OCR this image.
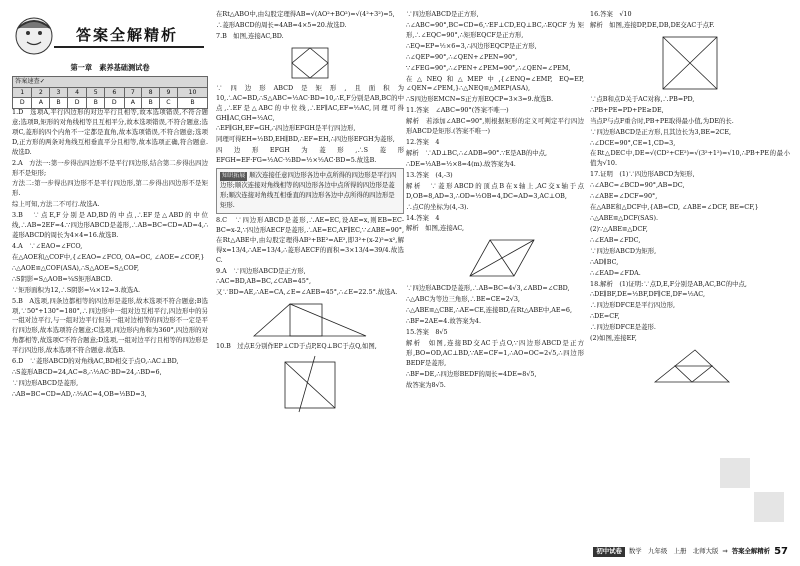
答案全解精析
第一章　素养基础测试卷
答案速查✓									
1	2	3	4	5	6	7	8	9	10
D	A	B	D	B	D	A	B	C	B
1.D　选项A,平行四边形的对边平行且相等,故本选项错误,不符合题意;选项B,矩形的对角线相等且互相平分,故本选项错误,不符合题意;选项C,菱形的四个内角不一定都是直角,故本选项错误,不符合题意;选项D,正方形的两条对角线互相垂直平分且相等,故本选项正确,符合题意.故选D.
2.A　方法一:第一步得出四边形不是平行四边形,结合第二步得出四边形不是矩形;
方法二:第一步得出四边形不是平行四边形,第二步得出四边形不是矩形.
综上可知,方法二不可行.故选A.
3.B　∵点E,F分别是AD,BD的中点,∴EF是△ABD的中位线,∴AB=2EF=4.∵四边形ABCD是菱形,∴AB=BC=CD=AD=4,∴菱形ABCD的周长为4×4=16.故选B.
4.A　∵∠EAO=∠FCO,
在△AOE和△COF中,{∠EAO=∠FCO, OA=OC, ∠AOE=∠COF,}
∴△AOE≌△COF(ASA),∴S△AOE=S△COF,
∴S阴影=S△AOB=¼S矩形ABCD.
∵矩形面积为12,∴S阴影=¼×12=3.故选A.
5.B　A选项,四条边都相等的四边形是菱形,故本选项不符合题意;B选项,∵50°+130°=180°,∴四边形中一组对边互相平行,四边形中的另一组对边平行,与一组对边平行但另一组对边相等的四边形不一定是平行四边形,故本选项符合题意;C选项,四边形内角和为360°,四边形的对角都相等,故选项C不符合题意;D选项,一组对边平行且相等的四边形是平行四边形,故本选项不符合题意.故选B.
6.D　∵菱形ABCD的对角线AC,BD相交于点O,∴AC⊥BD,
∴S菱形ABCD=24,AC=8,∴½AC·BD=24,∴BD=6,
∵四边形ABCD是菱形,
∴AB=BC=CD=AD,∴½AC=4,OB=½BD=3,
在Rt△ABO中,由勾股定理得AB=√(AO²+BO²)=√(4²+3²)=5,
∴菱形ABCD的周长=4AB=4×5=20.故选D.
7.B　如图,连接AC,BD.
∵四边形ABCD是矩形,且面积为10,∴AC=BD,∴S△ABC=½AC·BD=10,∴E,F分别是AB,BC的中点,∴EF是△ABC的中位线,∴EF∥AC,EF=½AC,同理可得GH∥AC,GH=½AC,
∴EF∥GH,EF=GH,∴四边形EFGH是平行四边形,
同理可得EH=½BD,EH∥BD,∴EF=EH,∴四边形EFGH为菱形,
四边形EFGH为菱形,∴S菱形EFGH=EF·FG=½AC·½BD=½×½AC·BD=5.故选B.
知识拓展 顺次连接任意四边形各边中点所得的四边形是平行四边形;顺次连接对角线相等的四边形各边中点所得的四边形是菱形;顺次连接对角线互相垂直的四边形各边中点所得的四边形是矩形.
8.C　∵四边形ABCD是菱形,∴AE=EC,设AE=x,则EB=EC-BC=x-2,∵四边形AECF是菱形,∴AE=EC,AF∥EC,∵∠ABE=90°,在Rt△ABE中,由勾股定理得AB²+BE²=AE²,即3²+(x-2)²=x²,解得x=13/4,∴AE=13/4,∴菱形AECF的面积=3×13/4=39/4.故选C.
9.A　∵四边形ABCD是正方形,
∴AC=BD,AB=BC,∠CAB=45°,
又∵BD=AE,∴AE=CA,∠E=∠AEB=45°,∴∠E=22.5°.故选A.
10.B　过点E分别作EP⊥CD于点P,EQ⊥BC于点Q,如图,
∵四边形ABCD是正方形,
∴∠ABC=90°,BC=CD=6,∵EF⊥CD,EQ⊥BC,∴EQCF为矩形,∴∠EQC=90°,∴矩形EQCF是正方形,
∴EQ=EP=½×6=3,∴四边形EQCP是正方形,
∴∠QEP=90°,∴∠QEN+∠PEN=90°,
∵∠FEG=90°,∴∠PEN+∠PEM=90°,∴∠QEN=∠PEM,
在△NEQ和△MEP中,{∠ENQ=∠EMP, EQ=EP, ∠QEN=∠PEM,}∴△NEQ≌△MEP(ASA),
∴S四边形EMCN=S正方形EQCP=3×3=9.故选B.
11.答案　∠ABC=90°(答案不唯一)
解析　若添加∠ABC=90°,则根据矩形的定义可判定平行四边形ABCD是矩形.(答案不唯一)
12.答案　4
解析　∵AD⊥BC,∴∠ADB=90°.∵E是AB的中点,
∴DE=½AB=½×8=4(m).故答案为4.
13.答案　(4,-3)
解析　∵菱形ABCD的顶点B在x轴上,AC交x轴于点D,OB=8,AD=3,∴OD=½OB=4,DC=AD=3,AC⊥OB,
∴点C的坐标为(4,-3).
14.答案　4
解析　如图,连接AC,
∵四边形ABCD是菱形,∴AB=BC=4√3,∠ABD=∠CBD,
∴△ABC为等边三角形,∴BE=CE=2√3,
∴△ABE≌△CBE,∴AE=CE,连接BD,在Rt△ABE中,AE=6,
∴BF=2AE=4.故答案为4.
15.答案　8√5
解析　如图,连接BD交AC于点O,∵四边形ABCD是正方形,BO=OD,AC⊥BD,∵AE=CF=1,∴AO=OC=2√5,∴四边形BEDF是菱形,
∴BF=DE,∴四边形BEDF的周长=4DE=8√5,
故答案为8√5.
16.答案　√10
解析　如图,连接DP,DE,DB,DE交AC于点F.
∵点B和点D关于AC对称,∴PB=PD,
∴PB+PE=PD+PE≥DE,
当点P与点F重合时,PB+PE取得最小值,为DE的长.
∵四边形ABCD是正方形,且其边长为3,BE=2CE,
∴∠DCE=90°,CE=1,CD=3,
在Rt△DEC中,DE=√(CD²+CE²)=√(3²+1²)=√10,∴PB+PE的最小值为√10.
17.证明　(1)∵四边形ABCD为矩形,
∴∠ABC=∠BCD=90°,AB=DC,
∴∠ABE=∠DCF=90°,
在△ABE和△DCF中,{AB=CD, ∠ABE=∠DCF, BE=CF,}
∴△ABE≌△DCF(SAS).
(2)∵△ABE≌△DCF,
∴∠EAB=∠FDC,
∵四边形ABCD为矩形,
∴AD∥BC,
∴∠EAD=∠FDA.
18.解析　(1)证明:∵点D,E,F分别是AB,AC,BC的中点,
∴DE∥BF,DE=½BF,DF∥CE,DF=½AC,
∴四边形DFCE是平行四边形,
∴DE=CF,
∴四边形DFCE是菱形.
(2)如图,连接EF,
初中试卷	数学　九年级　上册　北师大版 ⇒ 答案全解精析 57
